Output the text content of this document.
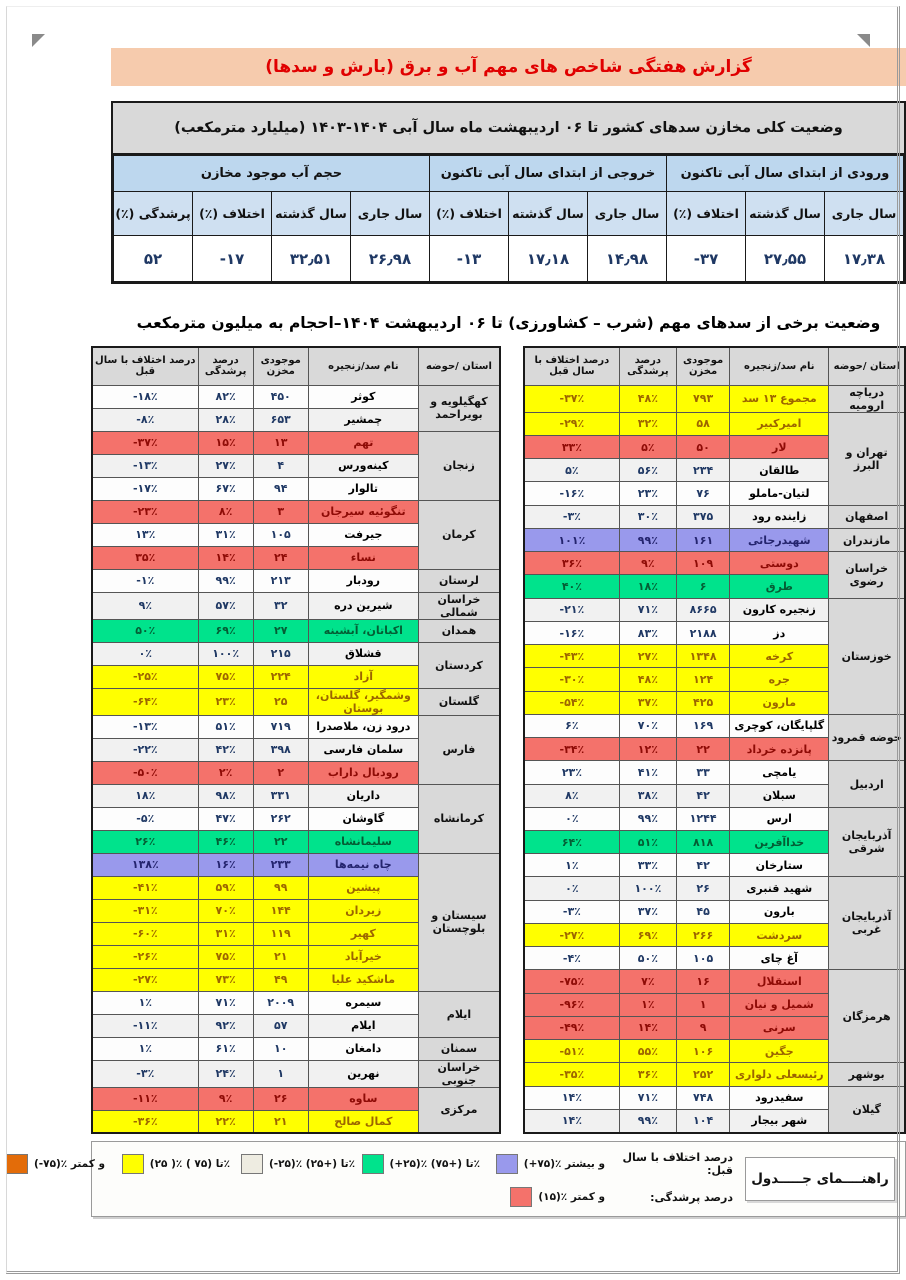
گزارش هفتگی شاخص های مهم آب و برق (بارش و سدها)
وضعیت کلی مخازن سدهای کشور تا ۰۶ اردیبهشت ماه سال آبی ۱۴۰۴-۱۴۰۳ (میلیارد مترمکعب)
ورودی از ابتدای سال آبی تاکنون			خروجی از ابتدای سال آبی تاکنون			حجم آب موجود مخازن			
سال جاری	سال گذشته	اختلاف (٪)	سال جاری	سال گذشته	اختلاف (٪)	سال جاری	سال گذشته	اختلاف (٪)	پرشدگی (٪)
۱۷٫۳۸	۲۷٫۵۵	-۳۷	۱۴٫۹۸	۱۷٫۱۸	-۱۳	۲۶٫۹۸	۳۲٫۵۱	-۱۷	۵۲
وضعیت برخی از سدهای مهم (شرب – کشاورزی) تا ۰۶ اردیبهشت ۱۴۰۴–احجام به میلیون مترمکعب
استان /حوضه	نام سد/زنجیره	موجودی مخزن	درصد پرشدگی	درصد اختلاف با سال قبل
دریاچه ارومیه	مجموع ۱۳ سد	۷۹۳	۴۸٪	-۳۷٪
تهران و البرز	امیرکبیر	۵۸	۳۲٪	-۲۹٪
	لار	۵۰	۵٪	۳۳٪
	طالقان	۲۳۴	۵۶٪	۵٪
	لتیان-ماملو	۷۶	۲۳٪	-۱۶٪
اصفهان	زاینده رود	۳۷۵	۳۰٪	-۳٪
مازندران	شهیدرجائی	۱۶۱	۹۹٪	۱۰۱٪
خراسان رضوی	دوستی	۱۰۹	۹٪	۳۶٪
	طرق	۶	۱۸٪	۴۰٪
خوزستان	زنجیره کارون	۸۶۶۵	۷۱٪	-۲۱٪
	دز	۲۱۸۸	۸۳٪	-۱۶٪
	کرخه	۱۳۴۸	۲۷٪	-۴۳٪
	جره	۱۲۴	۴۸٪	-۳۰٪
	مارون	۴۲۵	۳۷٪	-۵۴٪
حوضه قمرود	گلپایگان، کوچری	۱۶۹	۷۰٪	۶٪
	پانزده خرداد	۲۲	۱۲٪	-۳۴٪
اردبیل	یامچی	۳۳	۴۱٪	۲۳٪
	سبلان	۴۲	۳۸٪	۸٪
آذربایجان شرقی	ارس	۱۲۴۴	۹۹٪	۰٪
	خداآفرین	۸۱۸	۵۱٪	۶۴٪
	ستارخان	۴۲	۳۳٪	۱٪
آذربایجان غربی	شهید قنبری	۲۶	۱۰۰٪	۰٪
	بارون	۴۵	۳۷٪	-۳٪
	سردشت	۲۶۶	۶۹٪	-۲۷٪
	آغ چای	۱۰۵	۵۰٪	-۴٪
هرمزگان	استقلال	۱۶	۷٪	-۷۵٪
	شمیل و نیان	۱	۱٪	-۹۶٪
	سرنی	۹	۱۴٪	-۴۹٪
	جگین	۱۰۶	۵۵٪	-۵۱٪
بوشهر	رئیسعلی دلواری	۲۵۲	۳۶٪	-۳۵٪
گیلان	سفیدرود	۷۴۸	۷۱٪	۱۴٪
	شهر بیجار	۱۰۴	۹۹٪	۱۴٪
استان /حوضه	نام سد/زنجیره	موجودی مخزن	درصد پرشدگی	درصد اختلاف با سال قبل
کهگیلویه و بویراحمد	کوثر	۴۵۰	۸۲٪	-۱۸٪
	چمشیر	۶۵۳	۲۸٪	-۸٪
زنجان	تهم	۱۳	۱۵٪	-۳۷٪
	کینه‌ورس	۴	۲۷٪	-۱۳٪
	تالوار	۹۴	۶۷٪	-۱۷٪
کرمان	تنگوئیه سیرجان	۳	۸٪	-۲۳٪
	جیرفت	۱۰۵	۳۱٪	۱۳٪
	نساء	۲۴	۱۴٪	۳۵٪
لرستان	رودبار	۲۱۳	۹۹٪	-۱٪
خراسان شمالی	شیرین دره	۳۲	۵۷٪	۹٪
همدان	اکباتان، آبشینه	۲۷	۶۹٪	۵۰٪
کردستان	قشلاق	۲۱۵	۱۰۰٪	۰٪
	آزاد	۲۲۴	۷۵٪	-۲۵٪
گلستان	وشمگیر، گلستان، بوستان	۲۵	۲۳٪	-۶۴٪
فارس	درود زن، ملاصدرا	۷۱۹	۵۱٪	-۱۳٪
	سلمان فارسی	۳۹۸	۴۲٪	-۲۲٪
	رودبال داراب	۲	۲٪	-۵۰٪
کرمانشاه	داریان	۳۳۱	۹۸٪	۱۸٪
	گاوشان	۲۶۲	۴۷٪	-۵٪
	سلیمانشاه	۲۲	۴۶٪	۲۶٪
سیستان و بلوچستان	چاه نیمه‌ها	۲۳۳	۱۶٪	۱۳۸٪
	پیشین	۹۹	۵۹٪	-۴۱٪
	زیردان	۱۴۴	۷۰٪	-۳۱٪
	کهیر	۱۱۹	۳۱٪	-۶۰٪
	خیرآباد	۲۱	۷۵٪	-۲۶٪
	ماشکید علیا	۴۹	۷۳٪	-۲۷٪
ایلام	سیمره	۲۰۰۹	۷۱٪	۱٪
	ایلام	۵۷	۹۲٪	-۱۱٪
سمنان	دامغان	۱۰	۶۱٪	۱٪
خراسان جنوبی	نهرین	۱	۲۴٪	-۳٪
مرکزی	ساوه	۲۶	۹٪	-۱۱٪
	کمال صالح	۲۱	۲۲٪	-۳۶٪
راهنــــمای جـــــدول
درصد اختلاف با سال قبل:
(+۷۵)٪ و بیشتر
(+۲۵)٪ تا (+۷۵)٪
(-۲۵)٪ تا (+۲۵)٪
(۲۵ )٪ تا (۷۵ )٪
(-۷۵)٪ و کمتر
درصد پرشدگی:
(۱۵)٪ و کمتر
